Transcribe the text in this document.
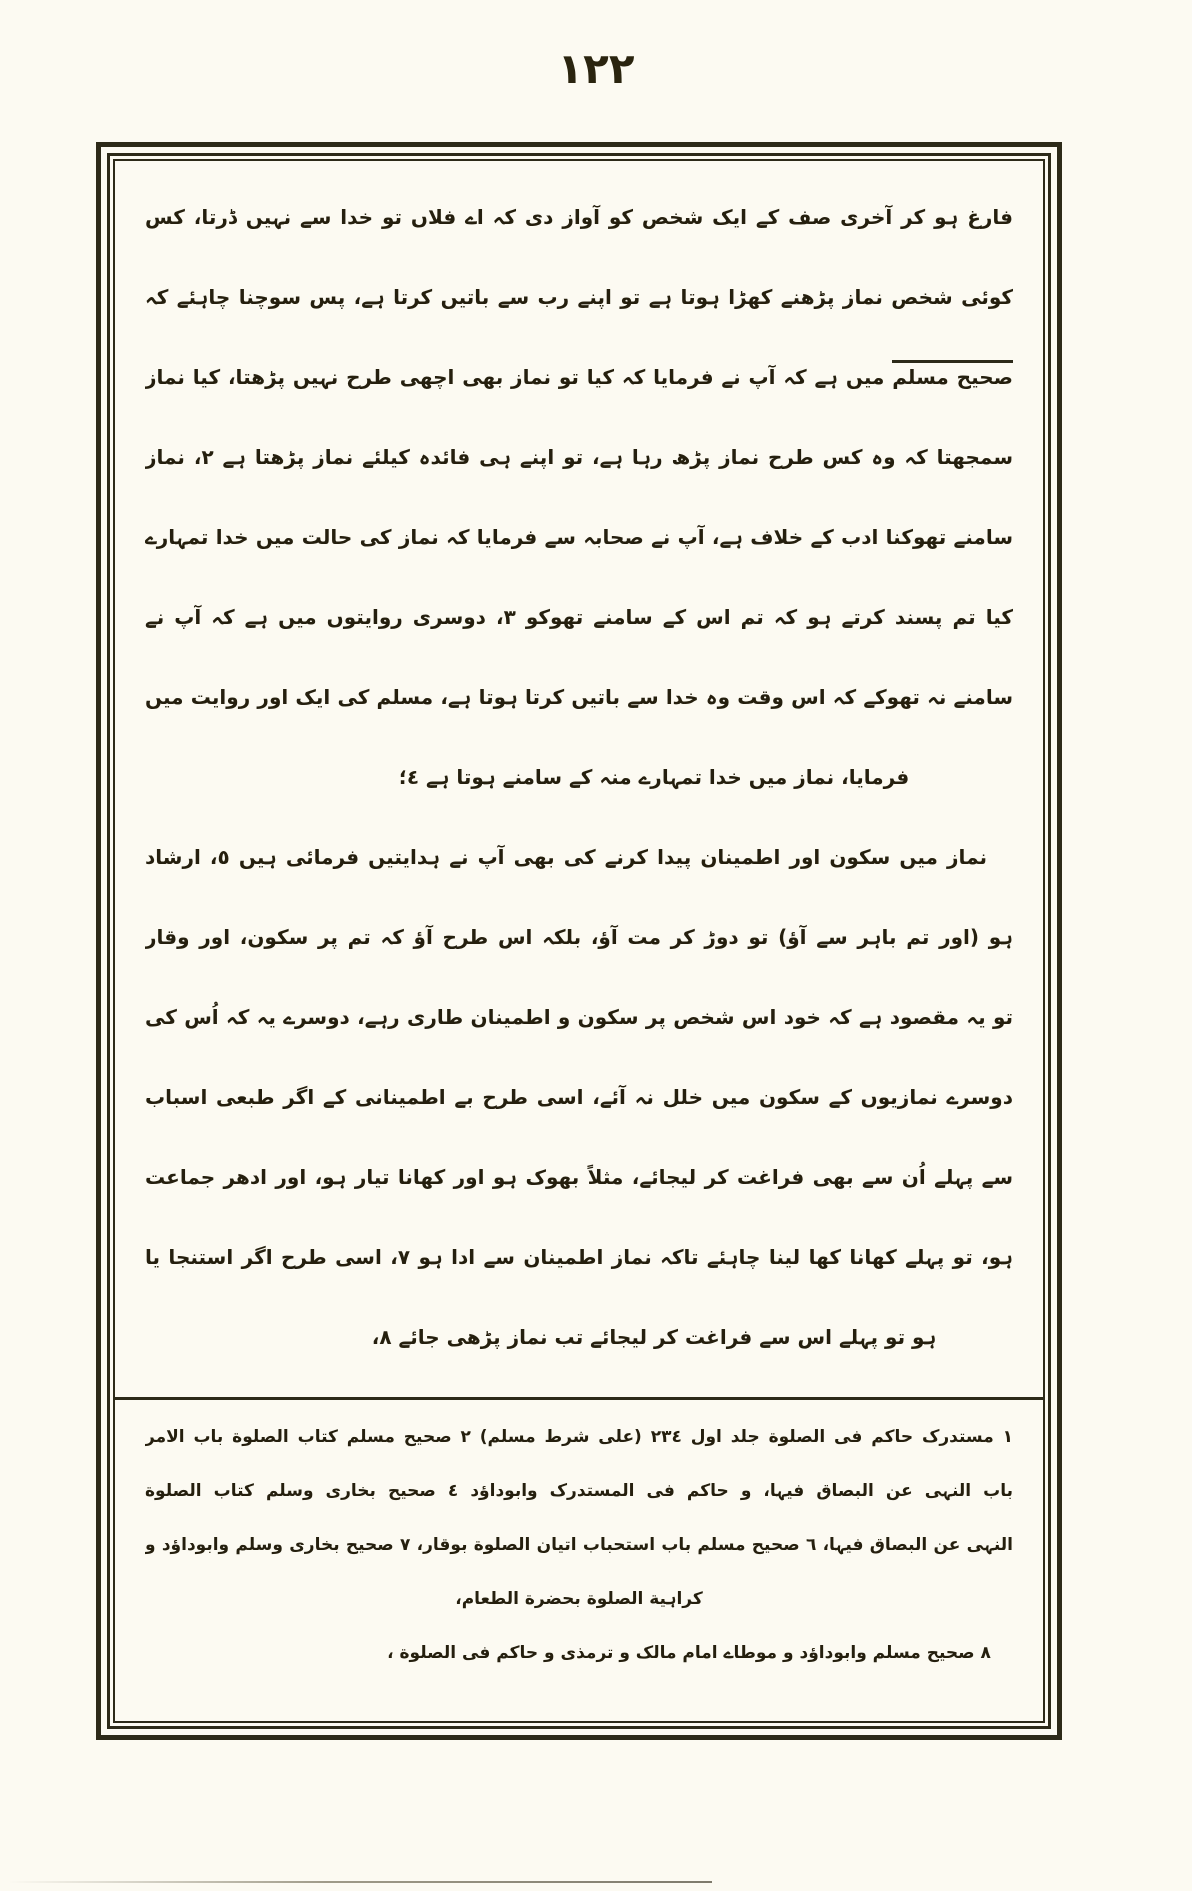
١٢٢
فارغ ہو کر آخری صف کے ایک شخص کو آواز دی کہ اے فلاں تو خدا سے نہیں ڈرتا، کس
کوئی شخص نماز پڑھنے کھڑا ہوتا ہے تو اپنے رب سے باتیں کرتا ہے، پس سوچنا چاہئے کہ
صحیح مسلم میں ہے کہ آپ نے فرمایا کہ کیا تو نماز بھی اچھی طرح نہیں پڑھتا، کیا نماز
سمجھتا کہ وہ کس طرح نماز پڑھ رہا ہے، تو اپنے ہی فائدہ کیلئے نماز پڑھتا ہے ٢، نماز
سامنے تھوکنا ادب کے خلاف ہے، آپ نے صحابہ سے فرمایا کہ نماز کی حالت میں خدا تمہارے
کیا تم پسند کرتے ہو کہ تم اس کے سامنے تھوکو ٣، دوسری روایتوں میں ہے کہ آپ نے
سامنے نہ تھوکے کہ اس وقت وہ خدا سے باتیں کرتا ہوتا ہے، مسلم کی ایک اور روایت میں
فرمایا، نماز میں خدا تمہارے منہ کے سامنے ہوتا ہے ٤؛
نماز میں سکون اور اطمینان پیدا کرنے کی بھی آپ نے ہدایتیں فرمائی ہیں ٥، ارشاد
ہو (اور تم باہر سے آؤ) تو دوڑ کر مت آؤ، بلکہ اس طرح آؤ کہ تم پر سکون، اور وقار
تو یہ مقصود ہے کہ خود اس شخص پر سکون و اطمینان طاری رہے، دوسرے یہ کہ اُس کی
دوسرے نمازیوں کے سکون میں خلل نہ آئے، اسی طرح بے اطمینانی کے اگر طبعی اسباب
سے پہلے اُن سے بھی فراغت کر لیجائے، مثلاً بھوک ہو اور کھانا تیار ہو، اور ادھر جماعت
ہو، تو پہلے کھانا کھا لینا چاہئے تاکہ نماز اطمینان سے ادا ہو ٧، اسی طرح اگر استنجا یا
ہو تو پہلے اس سے فراغت کر لیجائے تب نماز پڑھی جائے ٨،
١ مستدرک حاکم فی الصلوة جلد اول ٢٣٤ (علی شرط مسلم) ٢ صحیح مسلم کتاب الصلوة باب الامر
باب النہی عن البصاق فیہا، و حاکم فی المستدرک وابوداؤد ٤ صحیح بخاری وسلم کتاب الصلوة
النہی عن البصاق فیہا، ٦ صحیح مسلم باب استحباب اتیان الصلوة بوقار، ٧ صحیح بخاری وسلم وابوداؤد و
کراہیة الصلوة بحضرة الطعام،
٨ صحیح مسلم وابوداؤد و موطاے امام مالک و ترمذی و حاکم فی الصلوة ،
